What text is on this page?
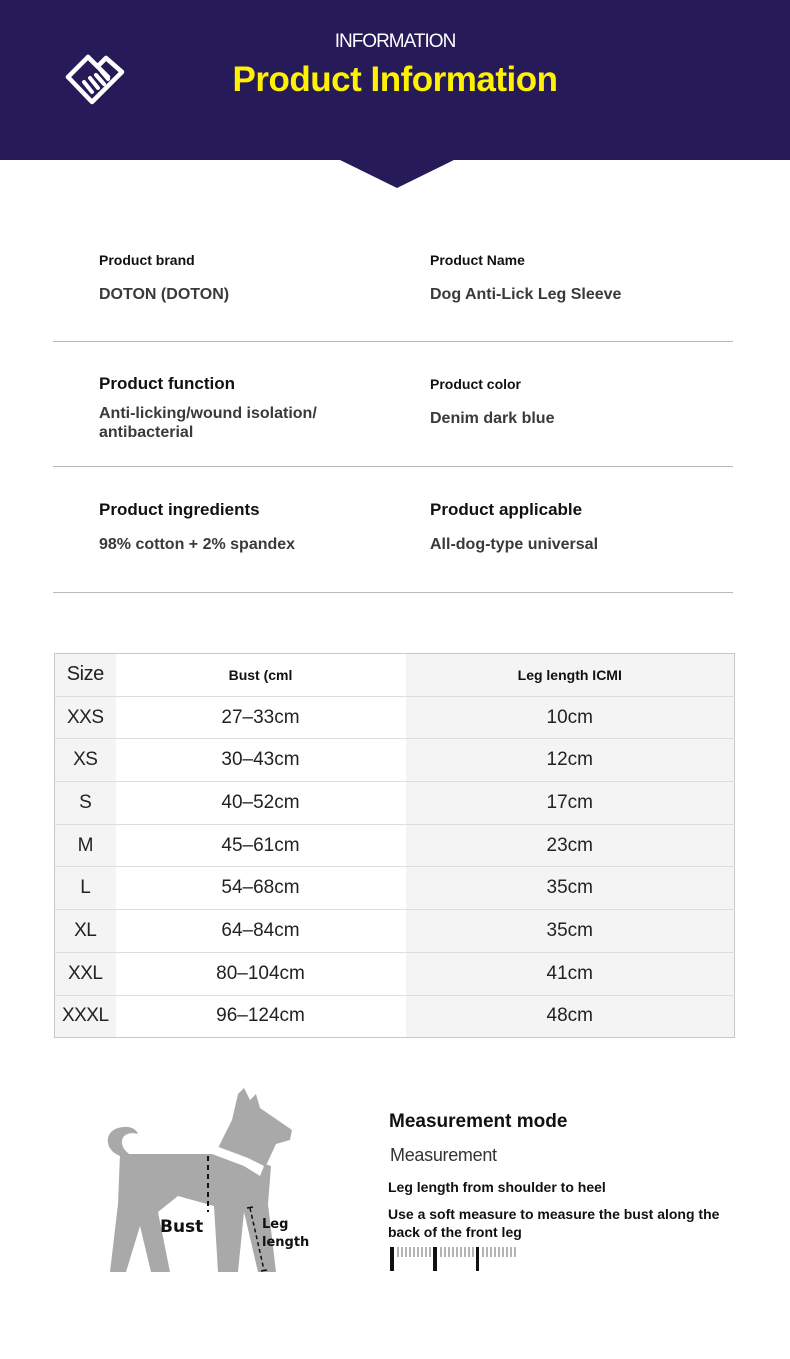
INFORMATION
Product Information
Product brand
DOTON (DOTON)
Product Name
Dog Anti-Lick Leg Sleeve
Product function
Anti-licking/wound isolation/
antibacterial
Product color
Denim dark blue
Product ingredients
98% cotton + 2% spandex
Product applicable
All-dog-type universal
Size	Bust (cml	Leg length ICMI
XXS	27–33cm	10cm
XS	30–43cm	12cm
S	40–52cm	17cm
M	45–61cm	23cm
L	54–68cm	35cm
XL	64–84cm	35cm
XXL	80–104cm	41cm
XXXL	96–124cm	48cm
Bust	Leg
length
Measurement mode
Measurement
Leg length from shoulder to heel
Use a soft measure to measure the bust along the back of the front leg
